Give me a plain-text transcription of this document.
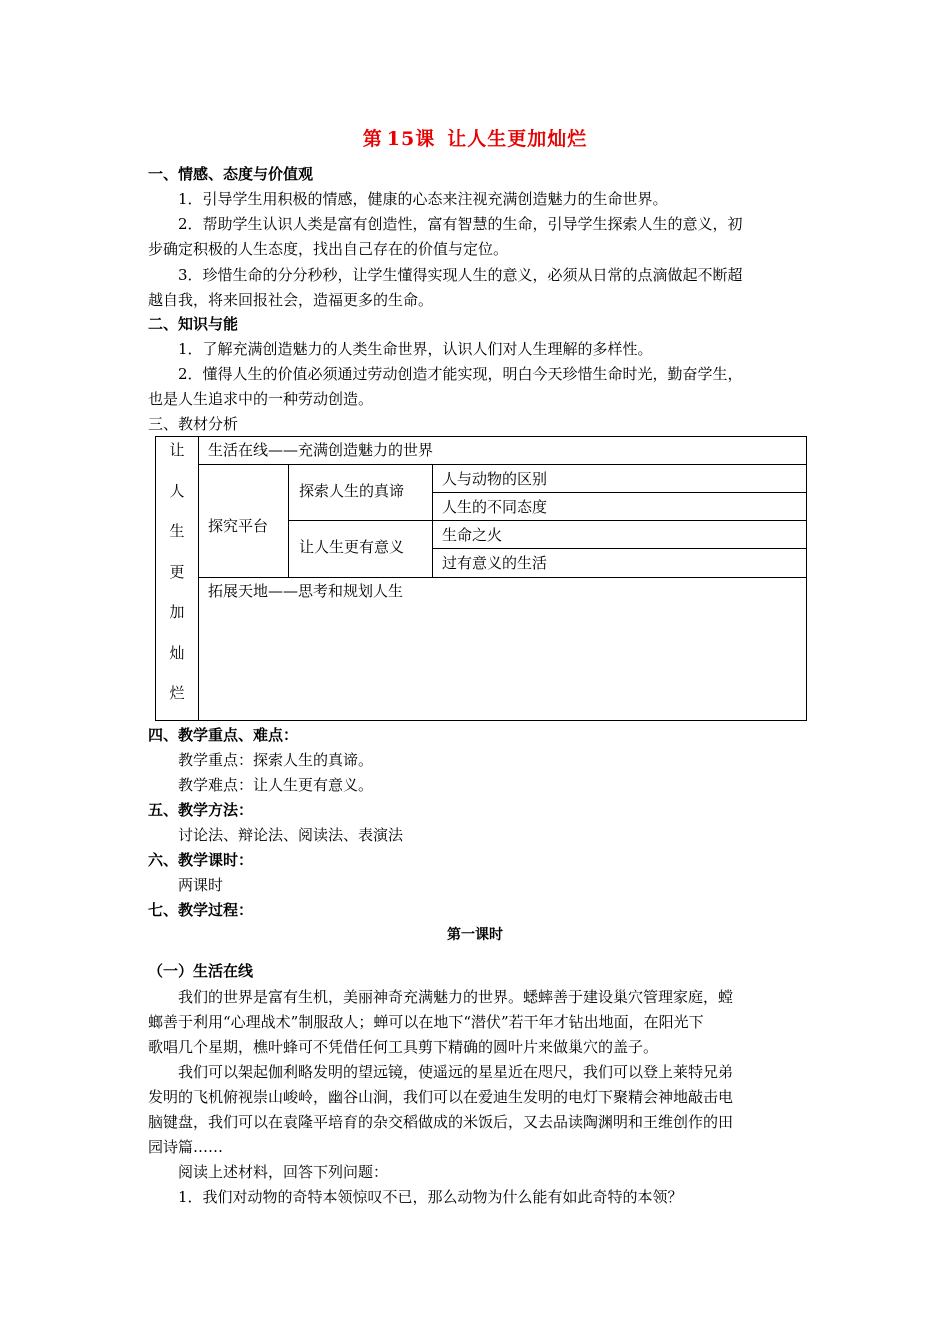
第 15课 让人生更加灿烂
一、情感、态度与价值观
1．引导学生用积极的情感，健康的心态来注视充满创造魅力的生命世界。
2．帮助学生认识人类是富有创造性，富有智慧的生命，引导学生探索人生的意义，初
步确定积极的人生态度，找出自己存在的价值与定位。
3．珍惜生命的分分秒秒，让学生懂得实现人生的意义，必须从日常的点滴做起不断超
越自我，将来回报社会，造福更多的生命。
二、知识与能
1．了解充满创造魅力的人类生命世界，认识人们对人生理解的多样性。
2．懂得人生的价值必须通过劳动创造才能实现，明白今天珍惜生命时光，勤奋学生，
也是人生追求中的一种劳动创造。
三、教材分析
让
人
生
更
加
灿
烂
生活在线——充满创造魅力的世界
探究平台
探索人生的真谛
让人生更有意义
人与动物的区别
人生的不同态度
生命之火
过有意义的生活
拓展天地——思考和规划人生
四、教学重点、难点：
教学重点：探索人生的真谛。
教学难点：让人生更有意义。
五、教学方法：
讨论法、辩论法、阅读法、表演法
六、教学课时：
两课时
七、教学过程：
第一课时
（一）生活在线
我们的世界是富有生机，美丽神奇充满魅力的世界。蟋蟀善于建设巢穴管理家庭，螳
螂善于利用“心理战术”制服敌人；蝉可以在地下“潜伏”若干年才钻出地面，在阳光下
歌唱几个星期，樵叶蜂可不凭借任何工具剪下精确的圆叶片来做巢穴的盖子。
我们可以架起伽利略发明的望远镜，使遥远的星星近在咫尺，我们可以登上莱特兄弟
发明的飞机俯视崇山峻岭，幽谷山涧，我们可以在爱迪生发明的电灯下聚精会神地敲击电
脑键盘，我们可以在袁隆平培育的杂交稻做成的米饭后，又去品读陶渊明和王维创作的田
园诗篇……
阅读上述材料，回答下列问题：
1．我们对动物的奇特本领惊叹不已，那么动物为什么能有如此奇特的本领？
